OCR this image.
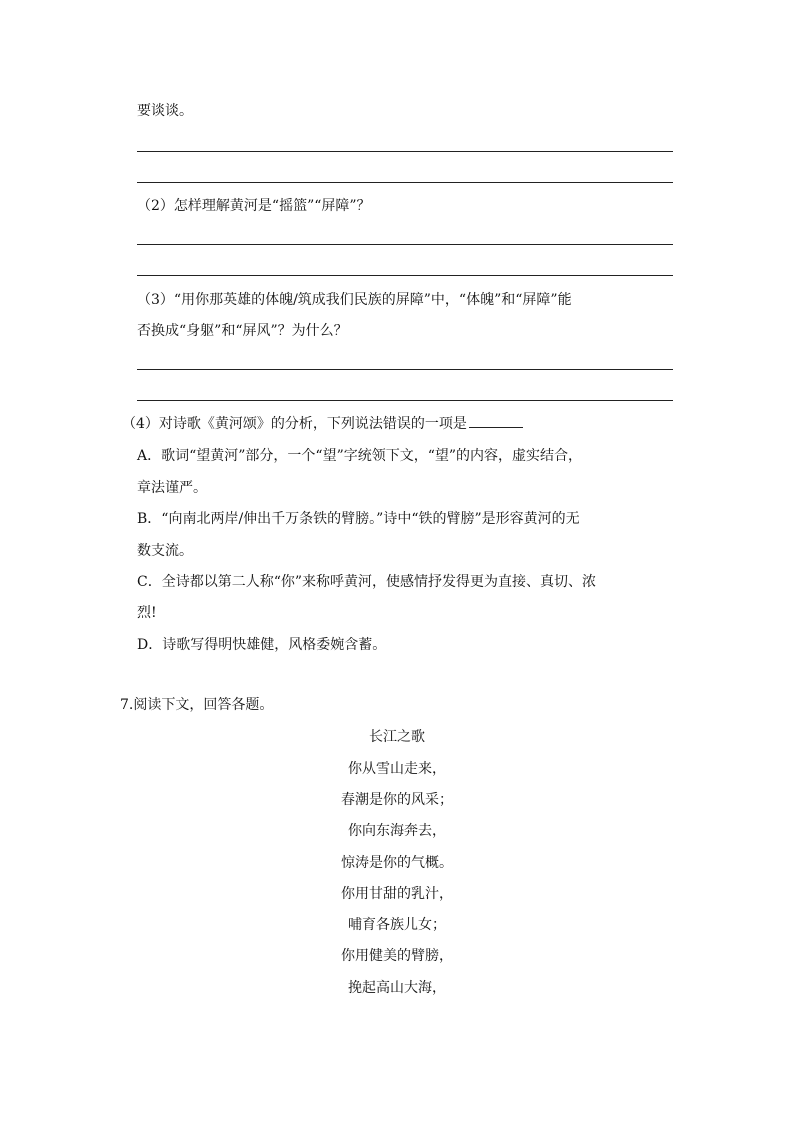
要谈谈。
（2）怎样理解黄河是“摇篮”“屏障”？
（3）“用你那英雄的体魄/筑成我们民族的屏障”中，“体魄”和“屏障”能
否换成“身躯”和“屏风”？为什么？
（4）对诗歌《黄河颂》的分析，下列说法错误的一项是
A．歌词“望黄河”部分，一个“望”字统领下文，“望”的内容，虚实结合，
章法谨严。
B．“向南北两岸/伸出千万条铁的臂膀。”诗中“铁的臂膀”是形容黄河的无
数支流。
C．全诗都以第二人称“你”来称呼黄河，使感情抒发得更为直接、真切、浓
烈!
D．诗歌写得明快雄健，风格委婉含蓄。
7.阅读下文，回答各题。
长江之歌
你从雪山走来，
春潮是你的风采；
你向东海奔去，
惊涛是你的气概。
你用甘甜的乳汁，
哺育各族儿女；
你用健美的臂膀，
挽起高山大海，
